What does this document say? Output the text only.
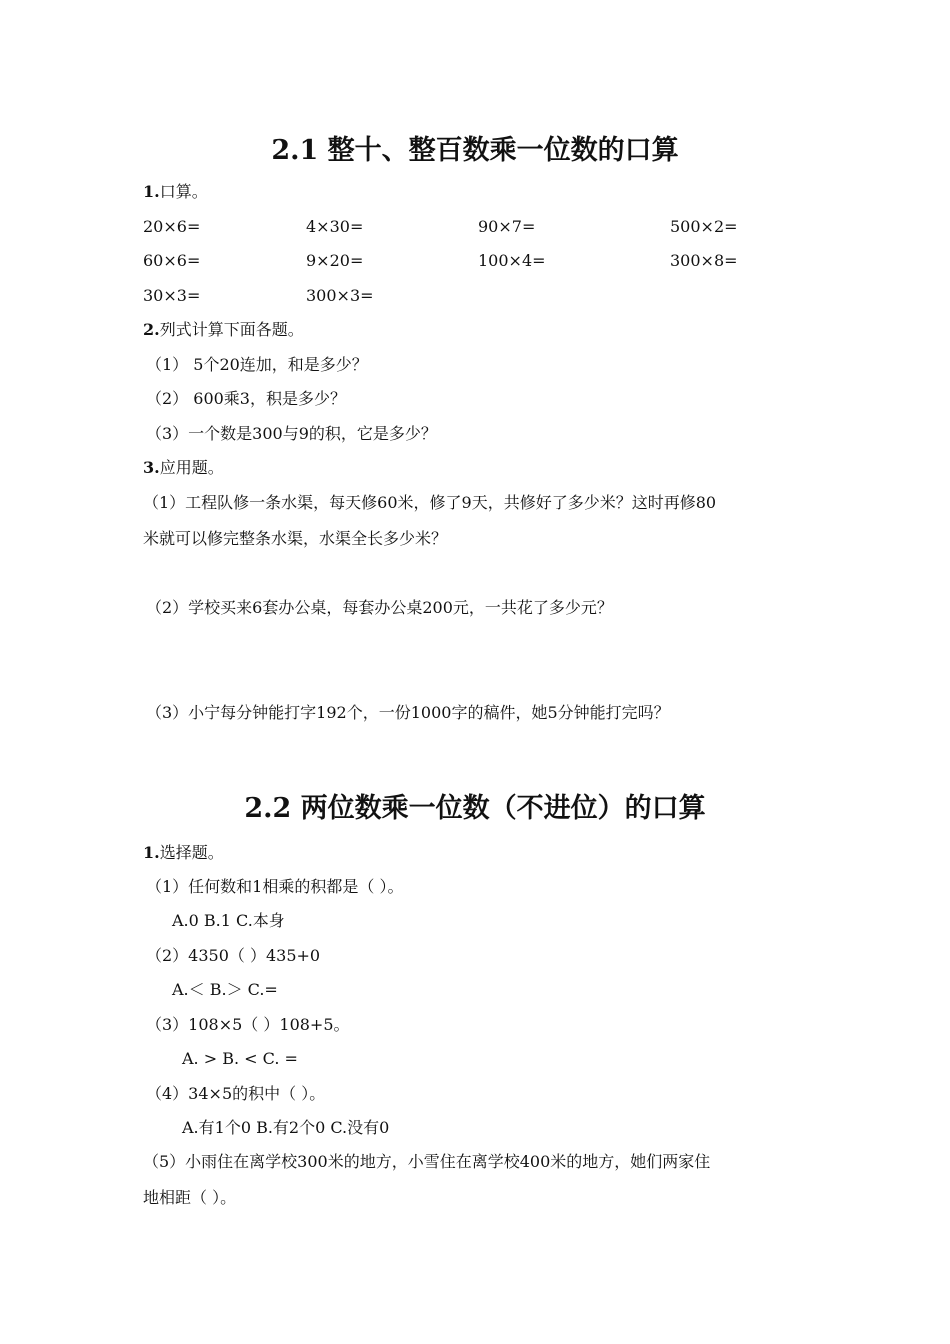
2.1 整十、整百数乘一位数的口算
1.口算。
20×6=	4×30=	90×7=	500×2=
60×6=	9×20=	100×4=	300×8=
30×3=	300×3=
2.列式计算下面各题。
（1） 5个20连加，和是多少？
（2） 600乘3，积是多少？
（3）一个数是300与9的积，它是多少？
3.应用题。
（1）工程队修一条水渠，每天修60米，修了9天，共修好了多少米？这时再修80
米就可以修完整条水渠，水渠全长多少米？
（2）学校买来6套办公桌，每套办公桌200元，一共花了多少元？
（3）小宁每分钟能打字192个，一份1000字的稿件，她5分钟能打完吗？
2.2 两位数乘一位数（不进位）的口算
1.选择题。
（1）任何数和1相乘的积都是（ ）。
A.0 B.1 C.本身
（2）4350（ ）435+0
A.＜ B.＞ C.=
（3）108×5（ ）108+5。
A. > B. < C. =
（4）34×5的积中（ ）。
A.有1个0 B.有2个0 C.没有0
（5）小雨住在离学校300米的地方，小雪住在离学校400米的地方，她们两家住
地相距（ ）。
